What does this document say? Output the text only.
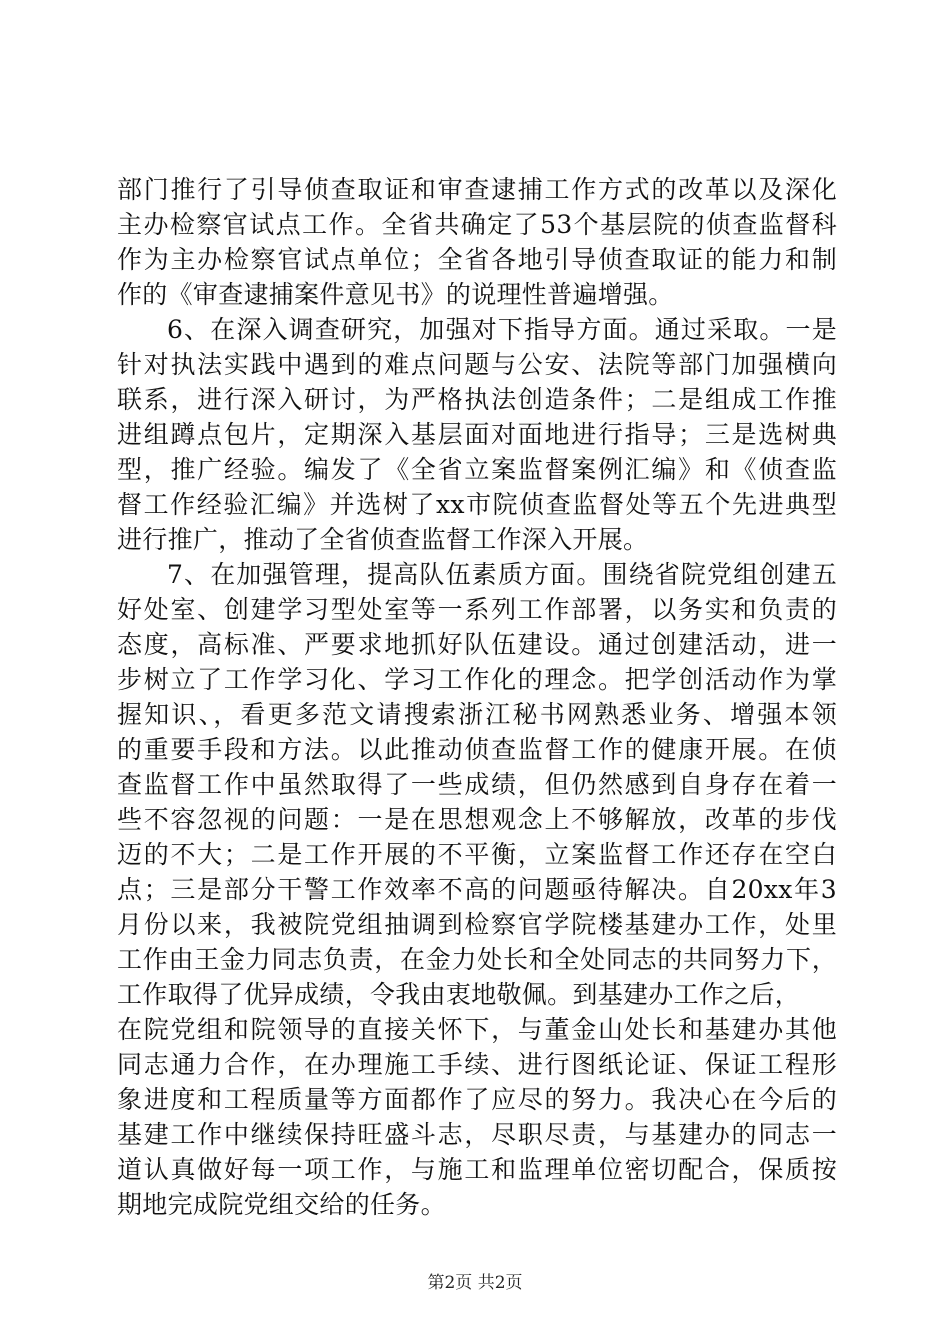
部门推行了引导侦查取证和审查逮捕工作方式的改革以及深化
主办检察官试点工作。全省共确定了53个基层院的侦查监督科
作为主办检察官试点单位；全省各地引导侦查取证的能力和制
作的《审查逮捕案件意见书》的说理性普遍增强。
6、在深入调查研究，加强对下指导方面。通过采取。一是
针对执法实践中遇到的难点问题与公安、法院等部门加强横向
联系，进行深入研讨，为严格执法创造条件；二是组成工作推
进组蹲点包片，定期深入基层面对面地进行指导；三是选树典
型，推广经验。编发了《全省立案监督案例汇编》和《侦查监
督工作经验汇编》并选树了xx市院侦查监督处等五个先进典型
进行推广，推动了全省侦查监督工作深入开展。
7、在加强管理，提高队伍素质方面。围绕省院党组创建五
好处室、创建学习型处室等一系列工作部署，以务实和负责的
态度，高标准、严要求地抓好队伍建设。通过创建活动，进一
步树立了工作学习化、学习工作化的理念。把学创活动作为掌
握知识、，看更多范文请搜索浙江秘书网熟悉业务、增强本领
的重要手段和方法。以此推动侦查监督工作的健康开展。在侦
查监督工作中虽然取得了一些成绩，但仍然感到自身存在着一
些不容忽视的问题：一是在思想观念上不够解放，改革的步伐
迈的不大；二是工作开展的不平衡，立案监督工作还存在空白
点；三是部分干警工作效率不高的问题亟待解决。自20xx年3
月份以来，我被院党组抽调到检察官学院楼基建办工作，处里
工作由王金力同志负责，在金力处长和全处同志的共同努力下，
工作取得了优异成绩，令我由衷地敬佩。到基建办工作之后，
在院党组和院领导的直接关怀下，与董金山处长和基建办其他
同志通力合作，在办理施工手续、进行图纸论证、保证工程形
象进度和工程质量等方面都作了应尽的努力。我决心在今后的
基建工作中继续保持旺盛斗志，尽职尽责，与基建办的同志一
道认真做好每一项工作，与施工和监理单位密切配合，保质按
期地完成院党组交给的任务。
第2页 共2页
